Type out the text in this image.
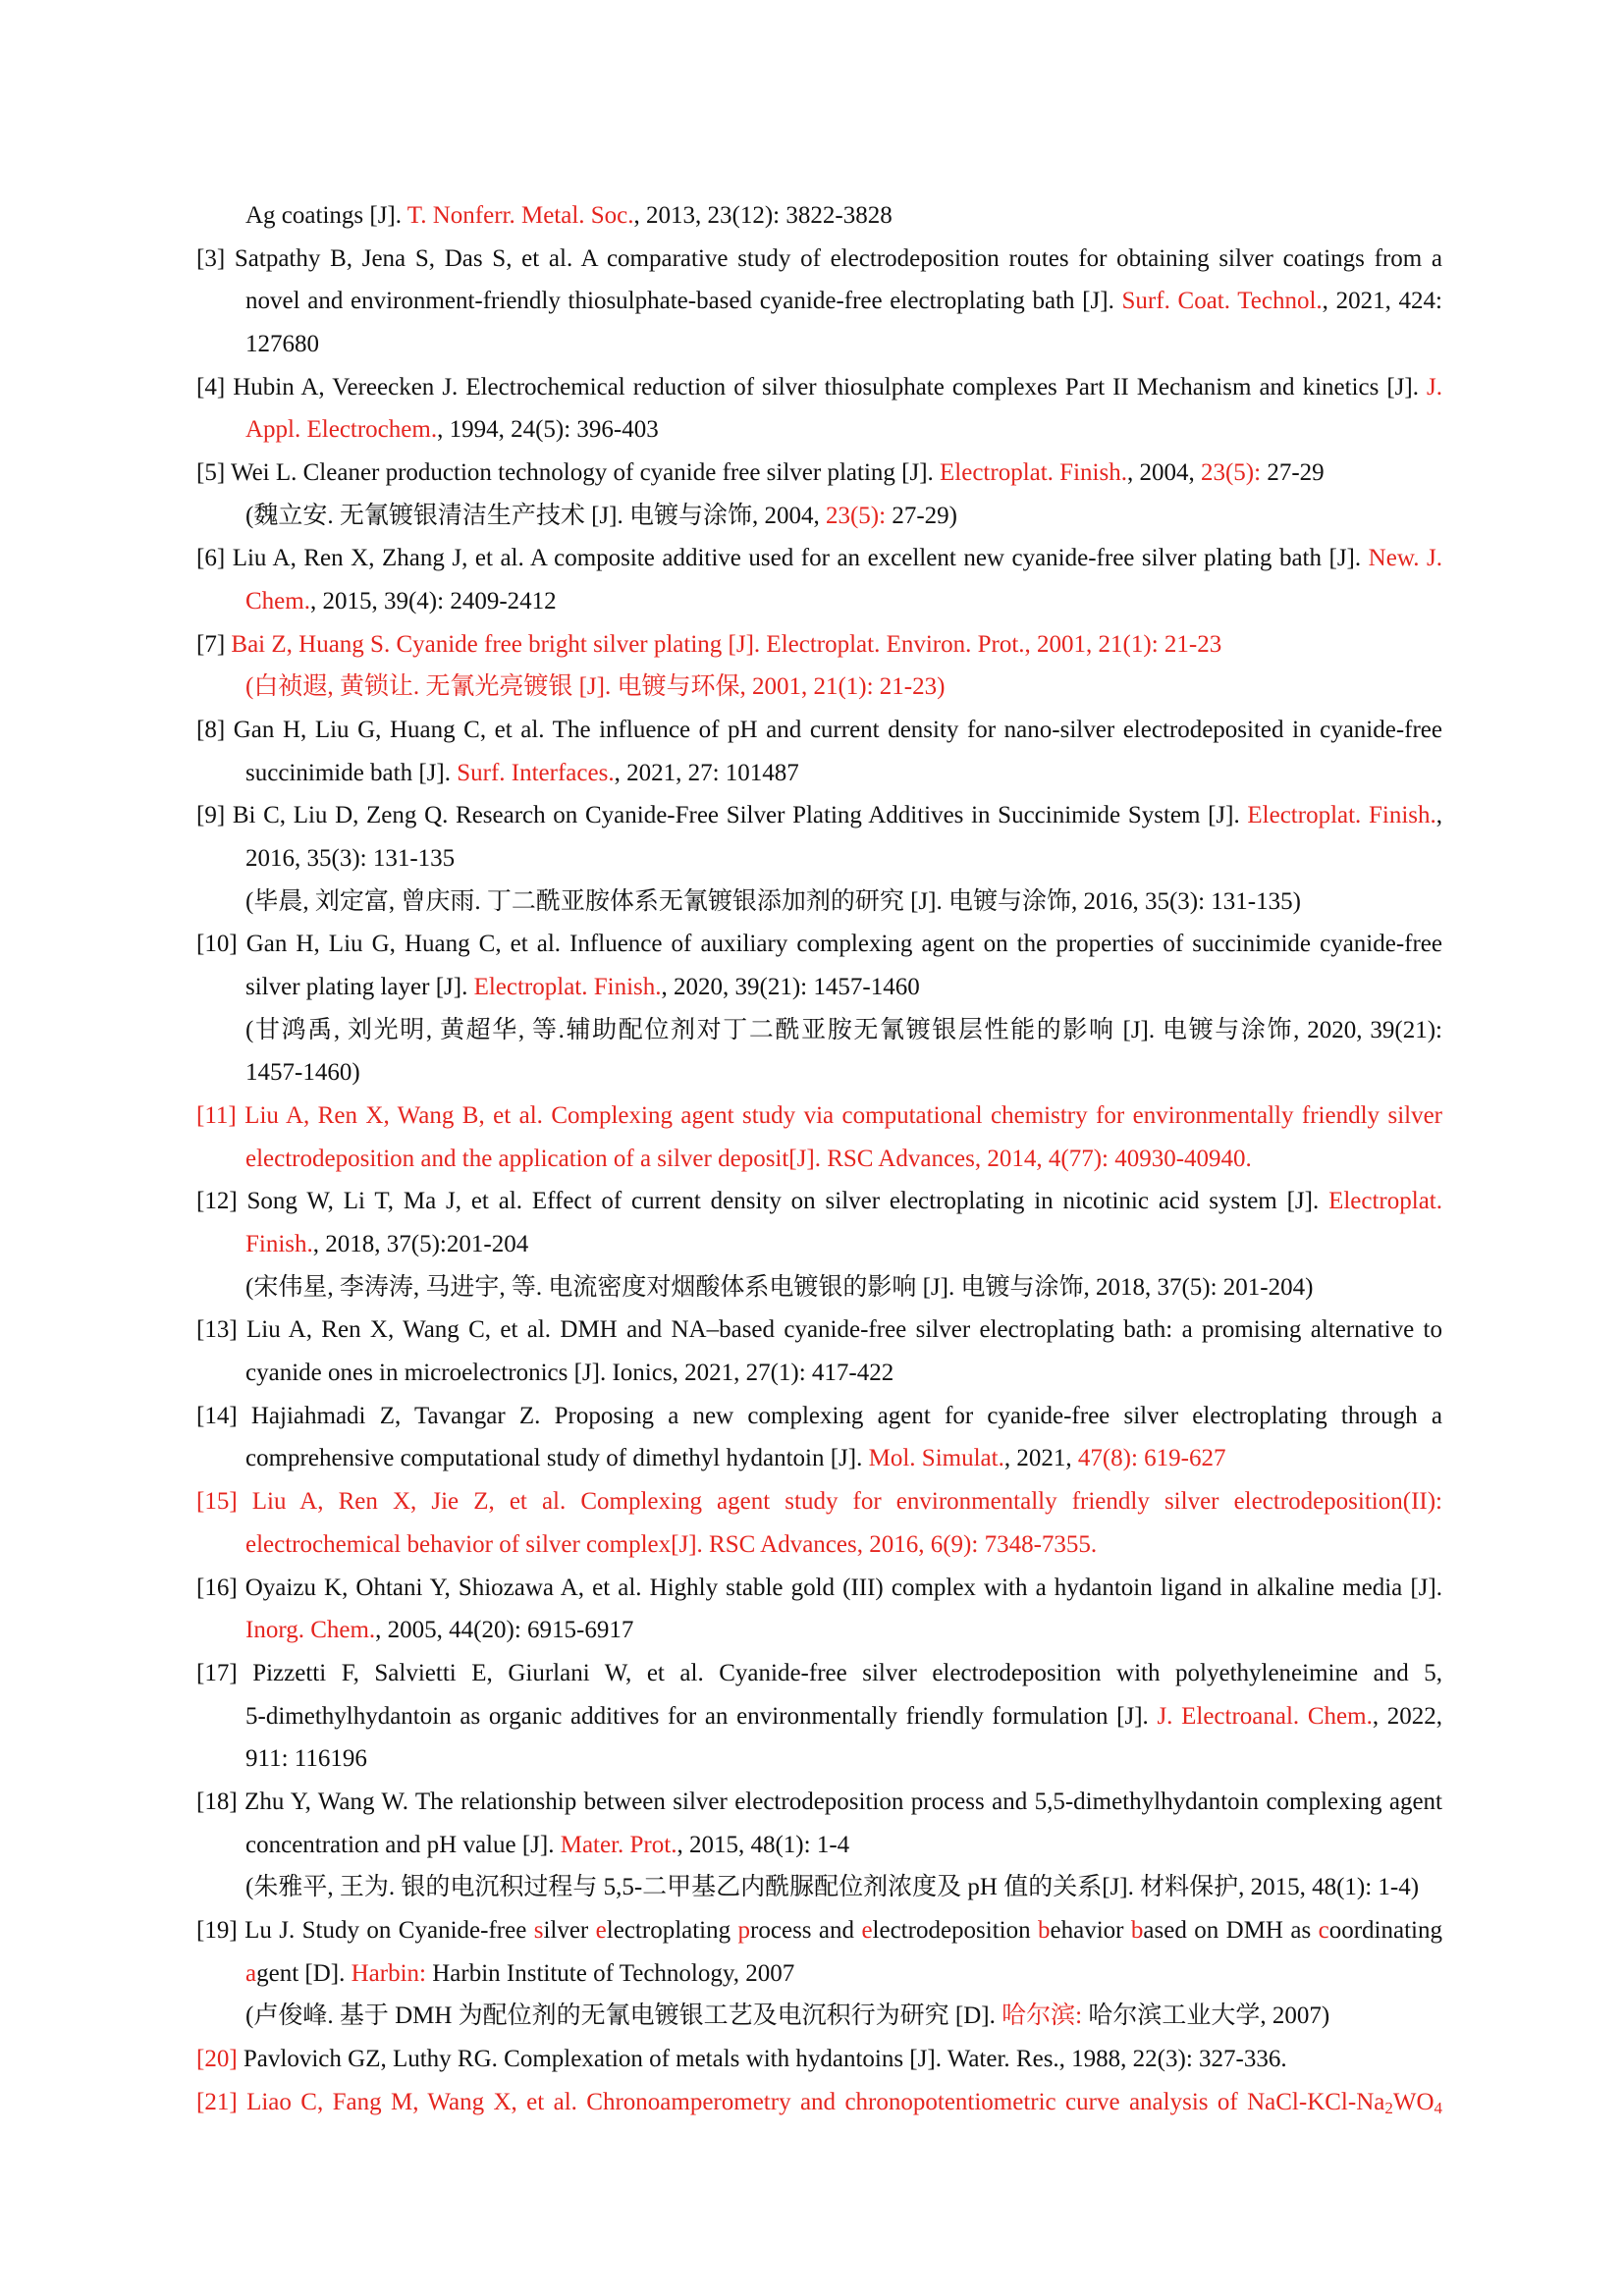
Ag coatings [J]. T. Nonferr. Metal. Soc., 2013, 23(12): 3822-3828
[3] Satpathy B, Jena S, Das S, et al. A comparative study of electrodeposition routes for obtaining silver coatings from a
novel and environment-friendly thiosulphate-based cyanide-free electroplating bath [J]. Surf. Coat. Technol., 2021, 424:
127680
[4] Hubin A, Vereecken J. Electrochemical reduction of silver thiosulphate complexes Part II Mechanism and kinetics [J]. J.
Appl. Electrochem., 1994, 24(5): 396-403
[5] Wei L. Cleaner production technology of cyanide free silver plating [J]. Electroplat. Finish., 2004, 23(5): 27-29
(魏立安. 无氰镀银清洁生产技术 [J]. 电镀与涂饰, 2004, 23(5): 27-29)
[6] Liu A, Ren X, Zhang J, et al. A composite additive used for an excellent new cyanide-free silver plating bath [J]. New. J.
Chem., 2015, 39(4): 2409-2412
[7] Bai Z, Huang S. Cyanide free bright silver plating [J]. Electroplat. Environ. Prot., 2001, 21(1): 21-23
(白祯遐, 黄锁让. 无氰光亮镀银 [J]. 电镀与环保, 2001, 21(1): 21-23)
[8] Gan H, Liu G, Huang C, et al. The influence of pH and current density for nano-silver electrodeposited in cyanide-free
succinimide bath [J]. Surf. Interfaces., 2021, 27: 101487
[9] Bi C, Liu D, Zeng Q. Research on Cyanide-Free Silver Plating Additives in Succinimide System [J]. Electroplat. Finish.,
2016, 35(3): 131-135
(毕晨, 刘定富, 曾庆雨. 丁二酰亚胺体系无氰镀银添加剂的研究 [J]. 电镀与涂饰, 2016, 35(3): 131-135)
[10] Gan H, Liu G, Huang C, et al. Influence of auxiliary complexing agent on the properties of succinimide cyanide-free
silver plating layer [J]. Electroplat. Finish., 2020, 39(21): 1457-1460
(甘鸿禹, 刘光明, 黄超华, 等.辅助配位剂对丁二酰亚胺无氰镀银层性能的影响 [J]. 电镀与涂饰, 2020, 39(21):
1457-1460)
[11] Liu A, Ren X, Wang B, et al. Complexing agent study via computational chemistry for environmentally friendly silver
electrodeposition and the application of a silver deposit[J]. RSC Advances, 2014, 4(77): 40930-40940.
[12] Song W, Li T, Ma J, et al. Effect of current density on silver electroplating in nicotinic acid system [J]. Electroplat.
Finish., 2018, 37(5):201-204
(宋伟星, 李涛涛, 马进宇, 等. 电流密度对烟酸体系电镀银的影响 [J]. 电镀与涂饰, 2018, 37(5): 201-204)
[13] Liu A, Ren X, Wang C, et al. DMH and NA–based cyanide-free silver electroplating bath: a promising alternative to
cyanide ones in microelectronics [J]. Ionics, 2021, 27(1): 417-422
[14] Hajiahmadi Z, Tavangar Z. Proposing a new complexing agent for cyanide-free silver electroplating through a
comprehensive computational study of dimethyl hydantoin [J]. Mol. Simulat., 2021, 47(8): 619-627
[15] Liu A, Ren X, Jie Z, et al. Complexing agent study for environmentally friendly silver electrodeposition(II):
electrochemical behavior of silver complex[J]. RSC Advances, 2016, 6(9): 7348-7355.
[16] Oyaizu K, Ohtani Y, Shiozawa A, et al. Highly stable gold (III) complex with a hydantoin ligand in alkaline media [J].
Inorg. Chem., 2005, 44(20): 6915-6917
[17] Pizzetti F, Salvietti E, Giurlani W, et al. Cyanide-free silver electrodeposition with polyethyleneimine and 5,
5-dimethylhydantoin as organic additives for an environmentally friendly formulation [J]. J. Electroanal. Chem., 2022,
911: 116196
[18] Zhu Y, Wang W. The relationship between silver electrodeposition process and 5,5-dimethylhydantoin complexing agent
concentration and pH value [J]. Mater. Prot., 2015, 48(1): 1-4
(朱雅平, 王为. 银的电沉积过程与 5,5-二甲基乙内酰脲配位剂浓度及 pH 值的关系[J]. 材料保护, 2015, 48(1): 1-4)
[19] Lu J. Study on Cyanide-free silver electroplating process and electrodeposition behavior based on DMH as coordinating
agent [D]. Harbin: Harbin Institute of Technology, 2007
(卢俊峰. 基于 DMH 为配位剂的无氰电镀银工艺及电沉积行为研究 [D]. 哈尔滨: 哈尔滨工业大学, 2007)
[20] Pavlovich GZ, Luthy RG. Complexation of metals with hydantoins [J]. Water. Res., 1988, 22(3): 327-336.
[21] Liao C, Fang M, Wang X, et al. Chronoamperometry and chronopotentiometric curve analysis of NaCl-KCl-Na2WO4
